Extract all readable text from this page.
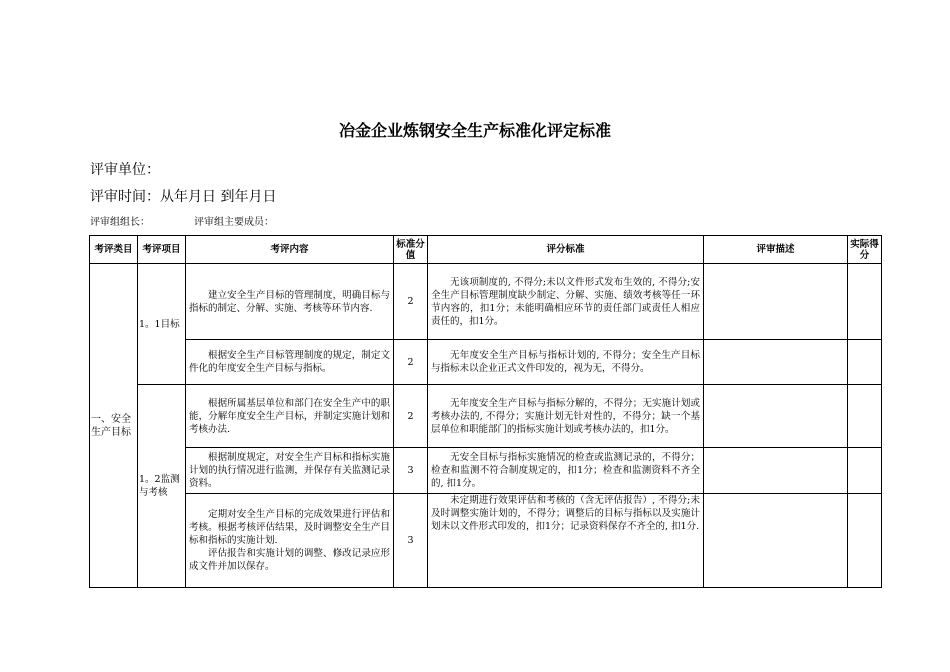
冶金企业炼钢安全生产标准化评定标准
评审单位：
评审时间：从年月日 到年月日
评审组组长：	评审组主要成员：
考评类目	考评项目	考评内容	标准分值	评分标准	评审描述	实际得分
一、安全生产目标	1。1目标	建立安全生产目标的管理制度，明确目标与指标的制定、分解、实施、考核等环节内容.	2	无该项制度的, 不得分;未以文件形式发布生效的, 不得分;安全生产目标管理制度缺少制定、分解、实施、绩效考核等任一环节内容的，扣1分；未能明确相应环节的责任部门或责任人相应责任的，扣1分。		

		根据安全生产目标管理制度的规定，制定文件化的年度安全生产目标与指标。	2	无年度安全生产目标与指标计划的, 不得分；安全生产目标与指标未以企业正式文件印发的，视为无，不得分。		

	1。2监测与考核	根据所属基层单位和部门在安全生产中的职能，分解年度安全生产目标，并制定实施计划和考核办法.	2	无年度安全生产目标与指标分解的，不得分；无实施计划或考核办法的, 不得分；实施计划无针对性的，不得分；缺一个基层单位和职能部门的指标实施计划或考核办法的，扣1分。		

		根据制度规定，对安全生产目标和指标实施计划的执行情况进行监测，并保存有关监测记录资料。	3	无安全目标与指标实施情况的检查或监测记录的，不得分；检查和监测不符合制度规定的，扣1分；检查和监测资料不齐全的, 扣1分。		

		定期对安全生产目标的完成效果进行评估和考核。根据考核评估结果，及时调整安全生产目标和指标的实施计划.
评估报告和实施计划的调整、修改记录应形成文件并加以保存。	3	未定期进行效果评估和考核的（含无评估报告）, 不得分;未及时调整实施计划的，不得分；调整后的目标与指标以及实施计划未以文件形式印发的，扣1分；记录资料保存不齐全的, 扣1分.		
